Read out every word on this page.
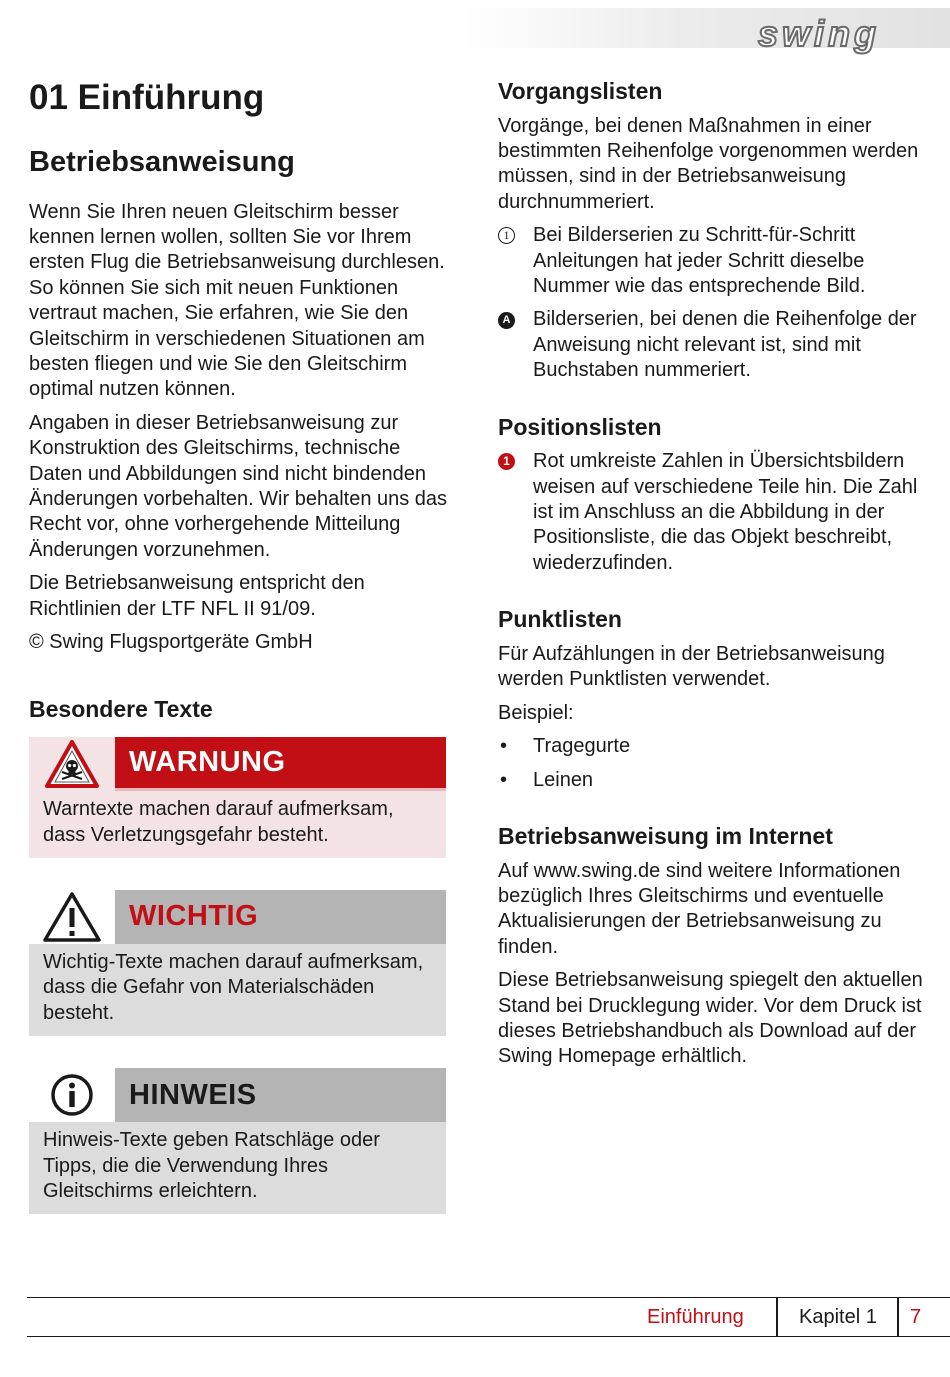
swing
01 Einführung
Betriebsanweisung

Wenn Sie Ihren neuen Gleitschirm besser kennen lernen wollen, sollten Sie vor Ihrem ersten Flug die Betriebsanweisung durchlesen. So können Sie sich mit neuen Funktionen vertraut machen, Sie erfahren, wie Sie den Gleitschirm in verschiedenen Situationen am besten fliegen und wie Sie den Gleitschirm optimal nutzen können.

Angaben in dieser Betriebsanweisung zur Konstruktion des Gleitschirms, technische Daten und Abbildungen sind nicht bindenden Änderungen vorbehalten. Wir behalten uns das Recht vor, ohne vorhergehende Mitteilung Änderungen vorzunehmen.

Die Betriebsanweisung entspricht den Richtlinien der LTF NFL II 91/09.

© Swing Flugsportgeräte GmbH

Besondere Texte
WARNUNG

Warntexte machen darauf aufmerksam, dass Verletzungsgefahr besteht.

WICHTIG

Wichtig-Texte machen darauf aufmerksam, dass die Gefahr von Materialschäden besteht.

HINWEIS

Hinweis-Texte geben Ratschläge oder Tipps, die die Verwendung Ihres Gleitschirms erleichtern.

Vorgangslisten

Vorgänge, bei denen Maßnahmen in einer bestimmten Reihenfolge vorgenommen werden müssen, sind in der Betriebsanweisung durchnummeriert.

1	Bei Bilderserien zu Schritt-für-Schritt Anleitungen hat jeder Schritt dieselbe Nummer wie das entsprechende Bild.

A	Bilderserien, bei denen die Reihenfolge der Anweisung nicht relevant ist, sind mit Buchstaben nummeriert.

Positionslisten
1	Rot umkreiste Zahlen in Übersichtsbildern weisen auf verschiedene Teile hin. Die Zahl ist im Anschluss an die Abbildung in der Positionsliste, die das Objekt beschreibt, wiederzufinden.

Punktlisten

Für Aufzählungen in der Betriebsanweisung werden Punktlisten verwendet.

Beispiel:

•	Tragegurte

•	Leinen

Betriebsanweisung im Internet

Auf www.swing.de sind weitere Informationen bezüglich Ihres Gleitschirms und eventuelle Aktualisierungen der Betriebsanweisung zu finden.

Diese Betriebsanweisung spiegelt den aktuellen Stand bei Drucklegung wider. Vor dem Druck ist dieses Betriebshandbuch als Download auf der Swing Homepage erhältlich.

Einführung	Kapitel 1 7
